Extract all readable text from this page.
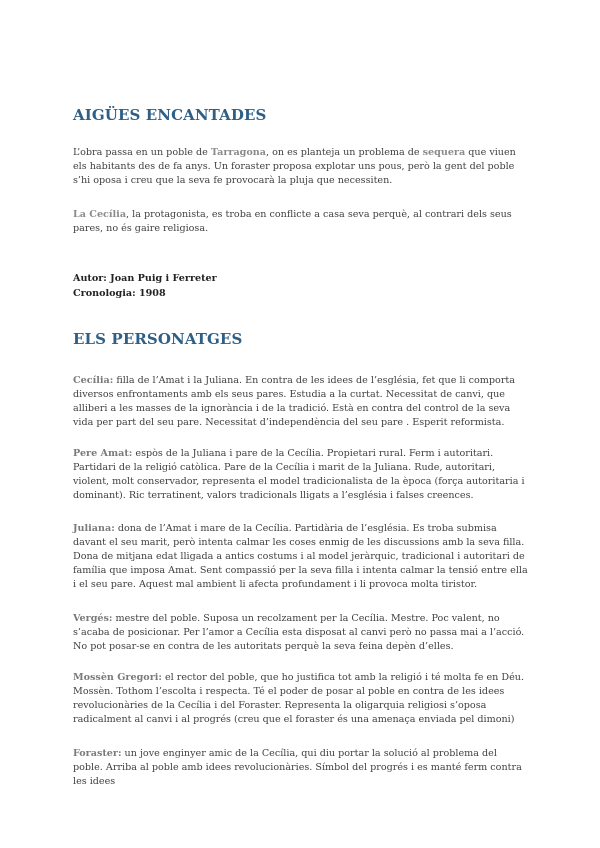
AIGÜES ENCANTADES

L’obra passa en un poble de Tarragona, on es planteja un problema de sequera que viuen els habitants des de fa anys. Un foraster proposa explotar uns pous, però la gent del poble s’hi oposa i creu que la seva fe provocarà la pluja que necessiten.

La Cecília, la protagonista, es troba en conflicte a casa seva perquè, al contrari dels seus pares, no és gaire religiosa.

Autor: Joan Puig i Ferreter
Cronologia: 1908
ELS PERSONATGES

Cecília: filla de l’Amat i la Juliana. En contra de les idees de l’església, fet que li comporta diversos enfrontaments amb els seus pares. Estudia a la curtat. Necessitat de canvi, que alliberi a les masses de la ignorància i de la tradició. Està en contra del control de la seva vida per part del seu pare. Necessitat d’independència del seu pare . Esperit reformista.

Pere Amat: espòs de la Juliana i pare de la Cecília. Propietari rural. Ferm i autoritari. Partidari de la religió catòlica. Pare de la Cecília i marit de la Juliana. Rude, autoritari, violent, molt conservador, representa el model tradicionalista de la època (força autoritaria i dominant). Ric terratinent, valors tradicionals lligats a l’església i falses creences.

Juliana: dona de l’Amat i mare de la Cecília. Partidària de l’església. Es troba submisa davant el seu marit, però intenta calmar les coses enmig de les discussions amb la seva filla. Dona de mitjana edat lligada a antics costums i al model jeràrquic, tradicional i autoritari de família que imposa Amat. Sent compassió per la seva filla i intenta calmar la tensió entre ella i el seu pare. Aquest mal ambient li afecta profundament i li provoca molta tiristor.

Vergés: mestre del poble. Suposa un recolzament per la Cecília. Mestre. Poc valent, no s’acaba de posicionar. Per l’amor a Cecília esta disposat al canvi però no passa mai a l’acció. No pot posar-se en contra de les autoritats perquè la seva feina depèn d’elles.

Mossèn Gregori: el rector del poble, que ho justifica tot amb la religió i té molta fe en Déu. Mossèn. Tothom l’escolta i respecta. Té el poder de posar al poble en contra de les idees revolucionàries de la Cecília i del Foraster. Representa la oligarquia religiosi s’oposa radicalment al canvi i al progrés (creu que el foraster és una amenaça enviada pel dimoni)

Foraster: un jove enginyer amic de la Cecília, qui diu portar la solució al problema del poble. Arriba al poble amb idees revolucionàries. Símbol del progrés i es manté ferm contra les idees
